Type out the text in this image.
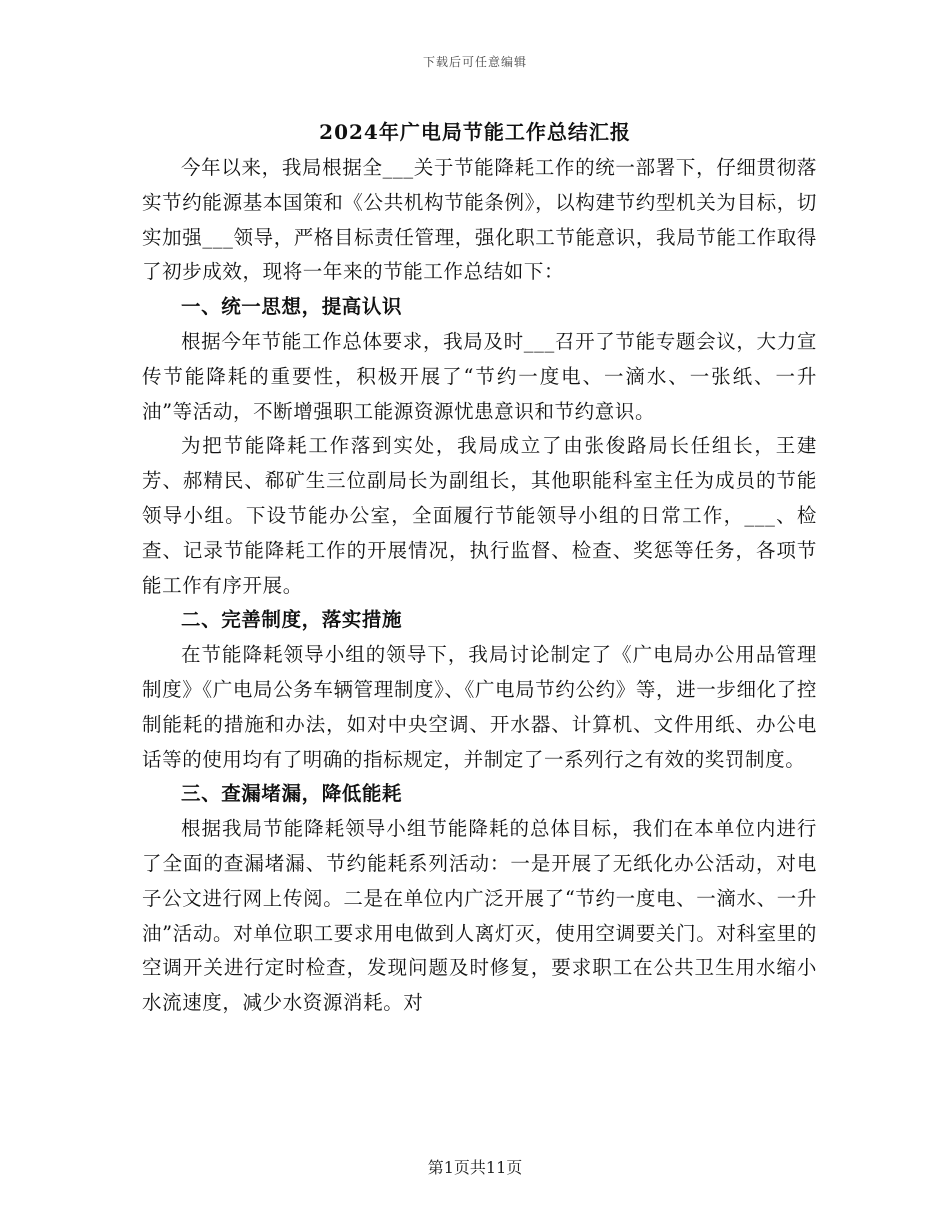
下载后可任意编辑
2024年广电局节能工作总结汇报

今年以来，我局根据全___关于节能降耗工作的统一部署下，仔细贯彻落实节约能源基本国策和《公共机构节能条例》，以构建节约型机关为目标，切实加强___领导，严格目标责任管理，强化职工节能意识，我局节能工作取得了初步成效，现将一年来的节能工作总结如下：

一、统一思想，提高认识

根据今年节能工作总体要求，我局及时___召开了节能专题会议，大力宣传节能降耗的重要性，积极开展了“节约一度电、一滴水、一张纸、一升油”等活动，不断增强职工能源资源忧患意识和节约意识。

为把节能降耗工作落到实处，我局成立了由张俊路局长任组长，王建芳、郝精民、郗矿生三位副局长为副组长，其他职能科室主任为成员的节能领导小组。下设节能办公室，全面履行节能领导小组的日常工作，___、检查、记录节能降耗工作的开展情况，执行监督、检查、奖惩等任务，各项节能工作有序开展。

二、完善制度，落实措施

在节能降耗领导小组的领导下，我局讨论制定了《广电局办公用品管理制度》《广电局公务车辆管理制度》、《广电局节约公约》等，进一步细化了控制能耗的措施和办法，如对中央空调、开水器、计算机、文件用纸、办公电话等的使用均有了明确的指标规定，并制定了一系列行之有效的奖罚制度。

三、查漏堵漏，降低能耗

根据我局节能降耗领导小组节能降耗的总体目标，我们在本单位内进行了全面的查漏堵漏、节约能耗系列活动：一是开展了无纸化办公活动，对电子公文进行网上传阅。二是在单位内广泛开展了“节约一度电、一滴水、一升油”活动。对单位职工要求用电做到人离灯灭，使用空调要关门。对科室里的空调开关进行定时检查，发现问题及时修复，要求职工在公共卫生用水缩小水流速度，减少水资源消耗。对

第1页共11页
